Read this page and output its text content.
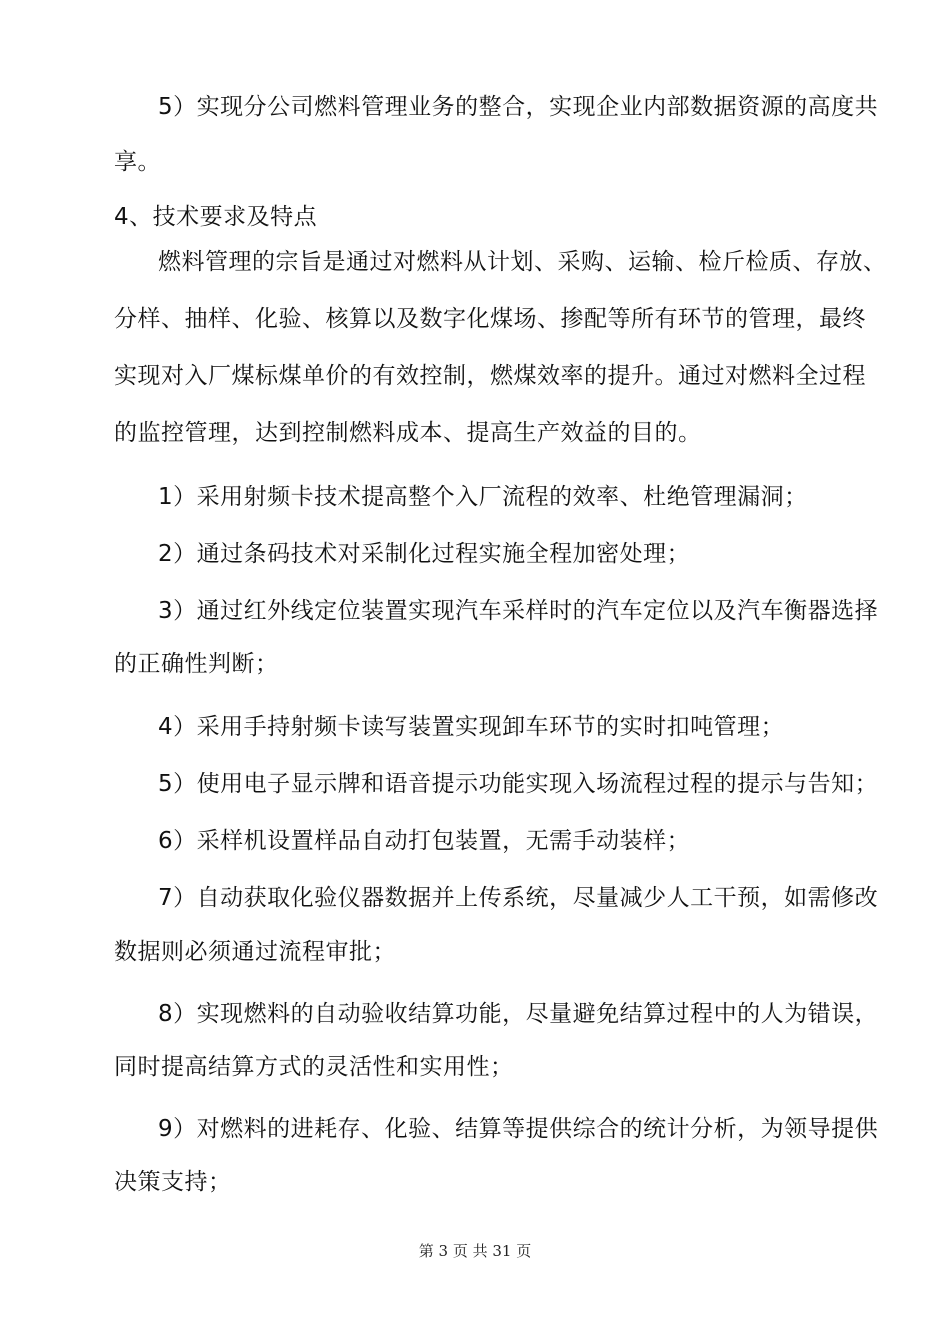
5）实现分公司燃料管理业务的整合，实现企业内部数据资源的高度共
享。
4、技术要求及特点
燃料管理的宗旨是通过对燃料从计划、采购、运输、检斤检质、存放、
分样、抽样、化验、核算以及数字化煤场、掺配等所有环节的管理，最终
实现对入厂煤标煤单价的有效控制，燃煤效率的提升。通过对燃料全过程
的监控管理，达到控制燃料成本、提高生产效益的目的。
1）采用射频卡技术提高整个入厂流程的效率、杜绝管理漏洞；
2）通过条码技术对采制化过程实施全程加密处理；
3）通过红外线定位装置实现汽车采样时的汽车定位以及汽车衡器选择
的正确性判断；
4）采用手持射频卡读写装置实现卸车环节的实时扣吨管理；
5）使用电子显示牌和语音提示功能实现入场流程过程的提示与告知；
6）采样机设置样品自动打包装置，无需手动装样；
7）自动获取化验仪器数据并上传系统，尽量减少人工干预，如需修改
数据则必须通过流程审批；
8）实现燃料的自动验收结算功能，尽量避免结算过程中的人为错误，
同时提高结算方式的灵活性和实用性；
9）对燃料的进耗存、化验、结算等提供综合的统计分析，为领导提供
决策支持；
第 3 页 共 31 页
